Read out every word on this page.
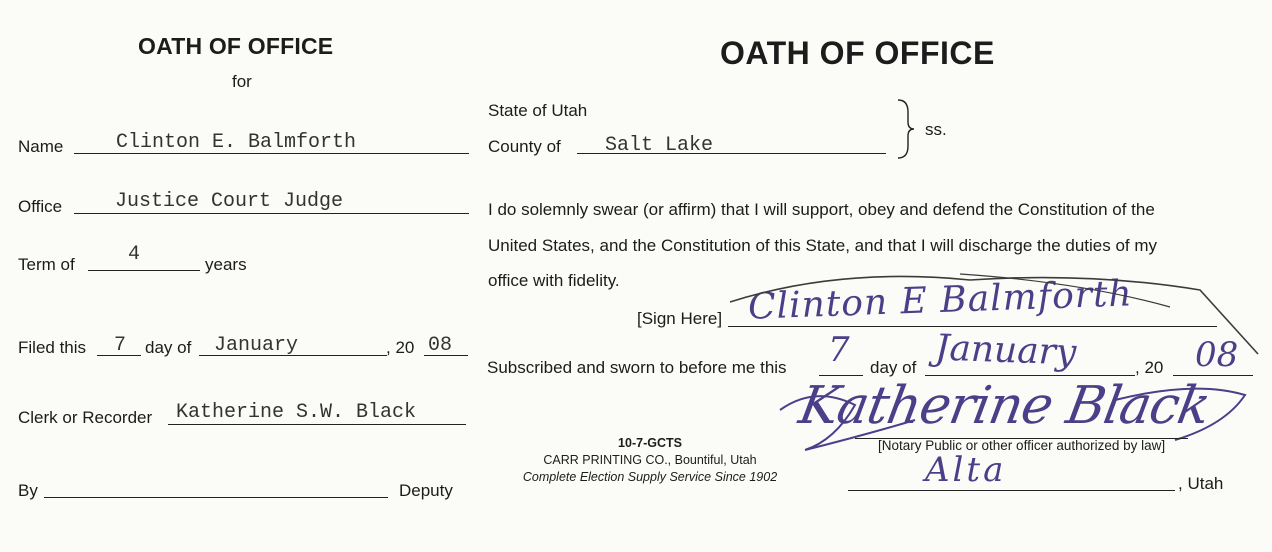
OATH OF OFFICE
for
Name	Clinton E. Balmforth
Office	Justice Court Judge
Term of	4	years
Filed this 7 day of January	, 20 08
Clerk or Recorder Katherine S.W. Black
By	Deputy
OATH OF OFFICE
State of Utah
County of Salt Lake
ss.
I do solemnly swear (or affirm) that I will support, obey and defend the Constitution of the
United States, and the Constitution of this State, and that I will discharge the duties of my
office with fidelity.
[Sign Here] Clinton E Balmforth
Subscribed and sworn to before me this 7 day of January	, 20 08
Katherine Black
[Notary Public or other officer authorized by law]
Alta	, Utah
10-7-GCTS
CARR PRINTING CO., Bountiful, Utah
Complete Election Supply Service Since 1902
